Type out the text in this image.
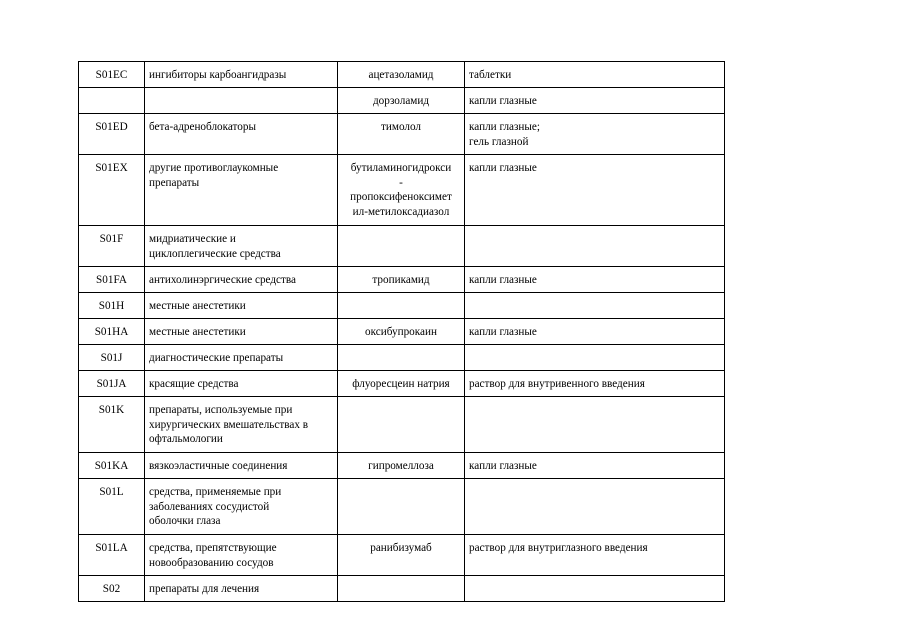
S01EC	ингибиторы карбоангидразы	ацетазоламид	таблетки

		дорзоламид	капли глазные

S01ED	бета-адреноблокаторы	тимолол	капли глазные;
гель глазной

S01EX	другие противоглаукомные
препараты	бутиламиногидрокси
-
пропоксифеноксимет
ил-метилоксадиазол	капли глазные

S01F	мидриатические и
циклоплегические средства		

S01FA	антихолинэргические средства	тропикамид	капли глазные

S01H	местные анестетики		

S01HA	местные анестетики	оксибупрокаин	капли глазные

S01J	диагностические препараты		

S01JA	красящие средства	флуоресцеин натрия	раствор для внутривенного введения

S01K	препараты, используемые при
хирургических вмешательствах в
офтальмологии		

S01KA	вязкоэластичные соединения	гипромеллоза	капли глазные

S01L	средства, применяемые при
заболеваниях сосудистой
оболочки глаза		

S01LA	средства, препятствующие
новообразованию сосудов	ранибизумаб	раствор для внутриглазного введения

S02	препараты для лечения		
